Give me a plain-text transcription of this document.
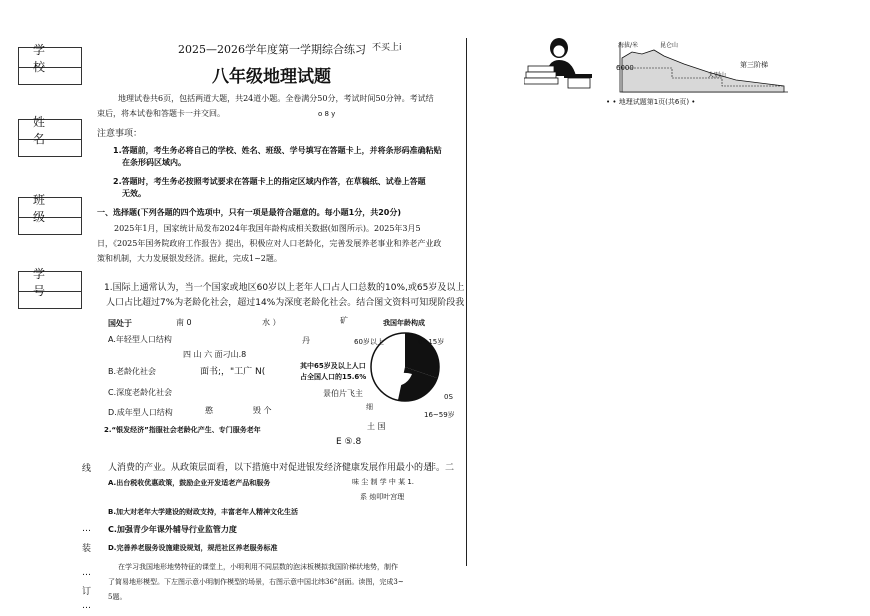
学 校
姓 名
班 级
学 号
线
装
订
…
…
…
2025—2026学年度第一学期综合练习 不买上i
八年级地理试题
地理试卷共6页，包括两道大题，共24道小题。全卷满分50分，考试时间50分钟。考试结
束后，将本试卷和答题卡一并交回。	o 8 y
注意事项：
1.答题前，考生务必将自己的学校、姓名、班级、学号填写在答题卡上，并将条形码准确粘贴
在条形码区域内。
2.答题时，考生务必按照考试要求在答题卡上的指定区域内作答，在草稿纸、试卷上答题
无效。
一、选择题(下列各题的四个选项中，只有一项是最符合题意的。每小题1分，共20分)
2025年1月，国家统计局发布2024年我国年龄构成相关数据(如图所示)。2025年3月5
日，《2025年国务院政府工作报告》提出，积极应对人口老龄化，完善发展养老事业和养老产业政
策和机制，大力发展银发经济。据此，完成1~2题。
1.国际上通常认为，当一个国家或地区60岁以上老年人口占人口总数的10%,或65岁及以上
人口占比超过7%为老龄化社会，超过14%为深度老龄化社会。结合图文资料可知现阶段我
国处于	南 0	水 ）	矿
A.年轻型人口结构	丹
四 山 六 面刁山.8
B.老龄化社会	面书;，"工广 N(
C.深度老龄化社会	景伯片飞主
D.成年型人口结构	憨	毁 个	细
我国年龄构成
60岁以上	0~15岁
其中65岁及以上人口
占全国人口的15.6%
0S
16~59岁
2.“银发经济”指服社会老龄化产生、专门服务老年	土 国
E ⑤.8
人消费的产业。从政策层面看，以下措施中对促进银发经济健康发展作用最小的是
非。二
A.出台税收优惠政策，鼓励企业开发适老产品和服务	味 尘 制 学 中 某 1.
系 烛叩叶宫理
B.加大对老年大学建设的财政支持，丰富老年人精神文化生活
C.加强青少年课外辅导行业监管力度
D.完善养老服务设施建设规划，规范社区养老服务标准
在学习我国地形地势特征的课堂上，小明利用不同层数的泡沫板模拟我国阶梯状地势，制作
了简易地形模型。下左图示意小明制作模型的场景，右图示意中国北纬36°剖面。读图，完成3~
5题。
海拔/米	昆仑山
6000
大别山
第三阶梯
• • 地理试题第1页(共6页) •
